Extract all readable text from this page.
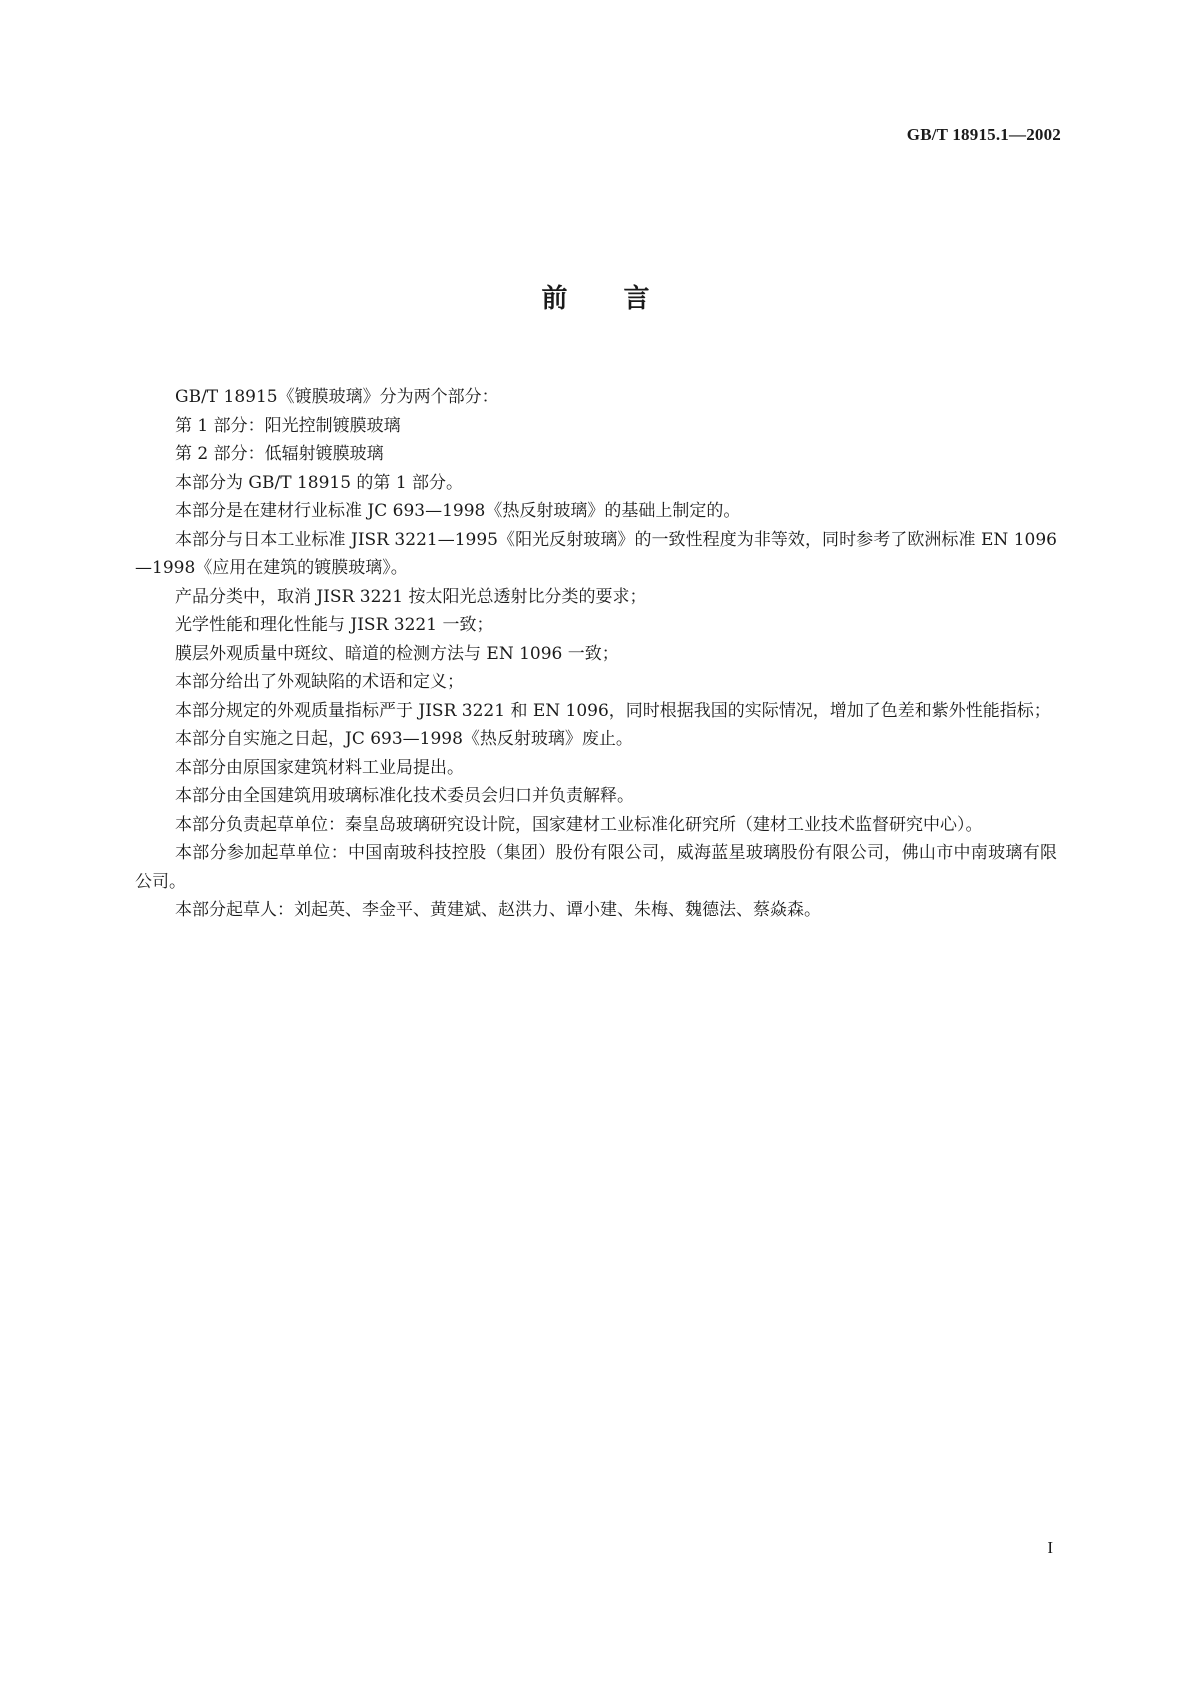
GB/T 18915.1—2002
前言

GB/T 18915《镀膜玻璃》分为两个部分：

第 1 部分：阳光控制镀膜玻璃

第 2 部分：低辐射镀膜玻璃

本部分为 GB/T 18915 的第 1 部分。

本部分是在建材行业标准 JC 693—1998《热反射玻璃》的基础上制定的。

本部分与日本工业标准 JISR 3221—1995《阳光反射玻璃》的一致性程度为非等效，同时参考了欧洲标准 EN 1096—1998《应用在建筑的镀膜玻璃》。

产品分类中，取消 JISR 3221 按太阳光总透射比分类的要求；

光学性能和理化性能与 JISR 3221 一致；

膜层外观质量中斑纹、暗道的检测方法与 EN 1096 一致；

本部分给出了外观缺陷的术语和定义；

本部分规定的外观质量指标严于 JISR 3221 和 EN 1096，同时根据我国的实际情况，增加了色差和紫外性能指标；

本部分自实施之日起，JC 693—1998《热反射玻璃》废止。

本部分由原国家建筑材料工业局提出。

本部分由全国建筑用玻璃标准化技术委员会归口并负责解释。

本部分负责起草单位：秦皇岛玻璃研究设计院，国家建材工业标准化研究所（建材工业技术监督研究中心）。

本部分参加起草单位：中国南玻科技控股（集团）股份有限公司，威海蓝星玻璃股份有限公司，佛山市中南玻璃有限公司。

本部分起草人：刘起英、李金平、黄建斌、赵洪力、谭小建、朱梅、魏德法、蔡焱森。

I
